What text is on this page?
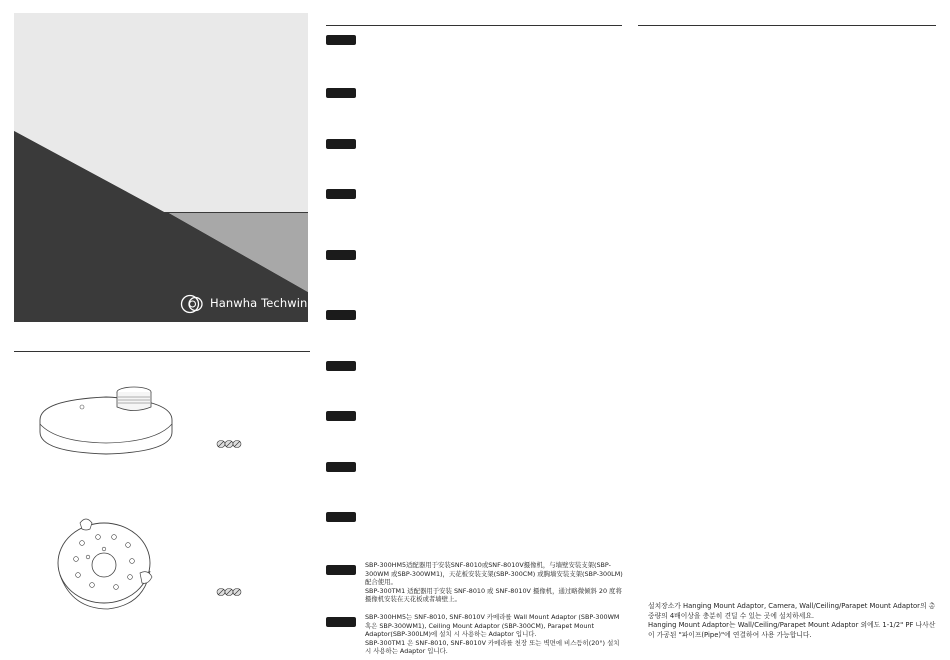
Hanwha Techwin
SBP-300HM5适配器用于安装SNF-8010或SNF-8010V摄像机，与墙壁安装支架(SBP-300WM 或SBP-300WM1)，天花板安装支架(SBP-300CM) 或胸墙安装支架(SBP-300LM) 配合使用。
SBP-300TM1 适配器用于安装 SNF-8010 或 SNF-8010V 摄像机，通过略微倾斜 20 度将摄像机安装在天花板或者墙壁上。
SBP-300HM5는 SNF-8010, SNF-8010V 카메라를 Wall Mount Adaptor (SBP-300WM 혹은 SBP-300WM1), Ceiling Mount Adaptor (SBP-300CM), Parapet Mount Adaptor(SBP-300LM)에 설치 시 사용하는 Adaptor 입니다.
SBP-300TM1 은 SNF-8010, SNF-8010V 카메라를 천장 또는 벽면에 비스듬히(20°) 설치 시 사용하는 Adaptor 입니다.
설치장소가 Hanging Mount Adaptor, Camera, Wall/Ceiling/Parapet Mount Adaptor의 총중량의 4배이상을 충분히 견딜 수 있는 곳에 설치하세요.
Hanging Mount Adaptor는 Wall/Ceiling/Parapet Mount Adaptor 외에도 1-1/2" PF 나사산이 가공된 "파이프(Pipe)"에 연결하여 사용 가능합니다.
